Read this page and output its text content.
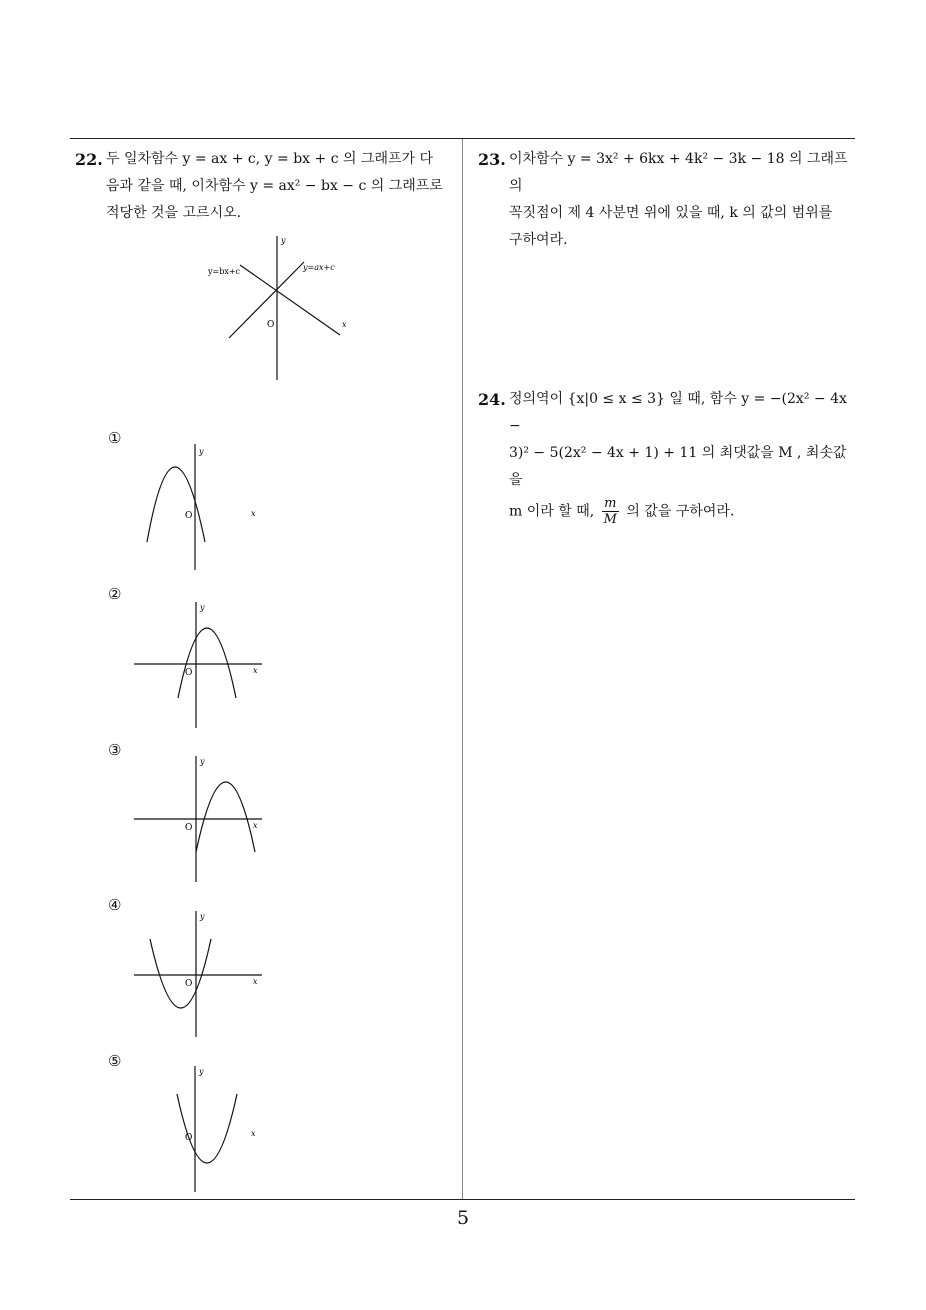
22. 두 일차함수 y = ax + c, y = bx + c 의 그래프가 다
음과 같을 때, 이차함수 y = ax² − bx − c 의 그래프로
적당한 것을 고르시오.
y=bx+c	y=ax+c
y
x
O
①
y
x
O
②
y
x
O
③
y
x
O
④
y
x
O
⑤
y
x
O
23. 이차함수 y = 3x² + 6kx + 4k² − 3k − 18 의 그래프의
꼭짓점이 제 4 사분면 위에 있을 때, k 의 값의 범위를
구하여라.
24. 정의역이 {x|0 ≤ x ≤ 3} 일 때, 함수 y = −(2x² − 4x −
3)² − 5(2x² − 4x + 1) + 11 의 최댓값을 M , 최솟값을
m 이라 할 때, $\frac{m}{M}$ 의 값을 구하여라.
5
